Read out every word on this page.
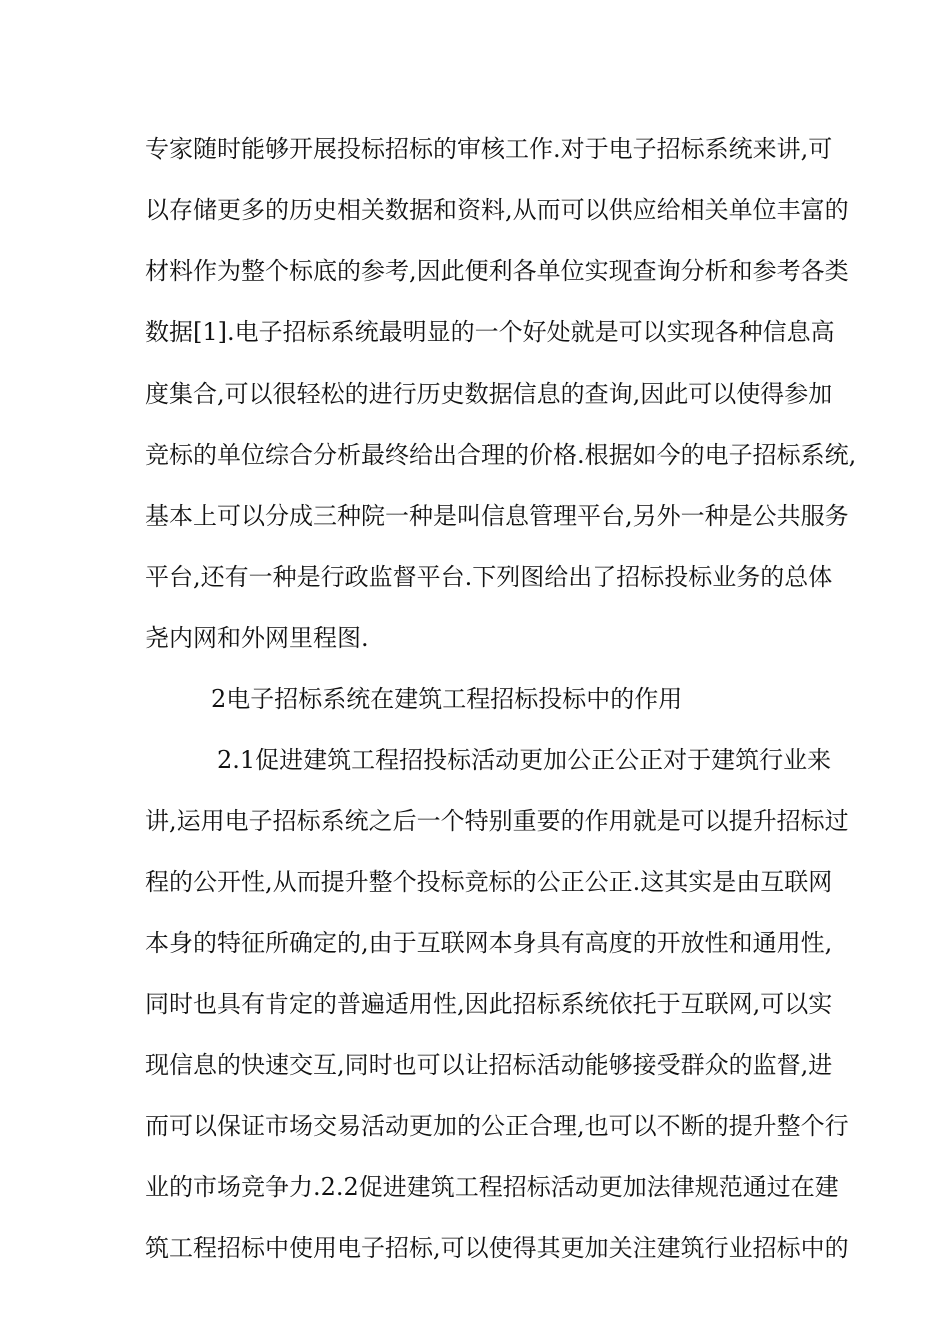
专家随时能够开展投标招标的审核工作.对于电子招标系统来讲,可
以存储更多的历史相关数据和资料,从而可以供应给相关单位丰富的
材料作为整个标底的参考,因此便利各单位实现查询分析和参考各类
数据[1].电子招标系统最明显的一个好处就是可以实现各种信息高
度集合,可以很轻松的进行历史数据信息的查询,因此可以使得参加
竞标的单位综合分析最终给出合理的价格.根据如今的电子招标系统,
基本上可以分成三种院一种是叫信息管理平台,另外一种是公共服务
平台,还有一种是行政监督平台.下列图给出了招标投标业务的总体
尧内网和外网里程图.
2电子招标系统在建筑工程招标投标中的作用
2.1促进建筑工程招投标活动更加公正公正对于建筑行业来
讲,运用电子招标系统之后一个特别重要的作用就是可以提升招标过
程的公开性,从而提升整个投标竞标的公正公正.这其实是由互联网
本身的特征所确定的,由于互联网本身具有高度的开放性和通用性,
同时也具有肯定的普遍适用性,因此招标系统依托于互联网,可以实
现信息的快速交互,同时也可以让招标活动能够接受群众的监督,进
而可以保证市场交易活动更加的公正合理,也可以不断的提升整个行
业的市场竞争力.2.2促进建筑工程招标活动更加法律规范通过在建
筑工程招标中使用电子招标,可以使得其更加关注建筑行业招标中的
